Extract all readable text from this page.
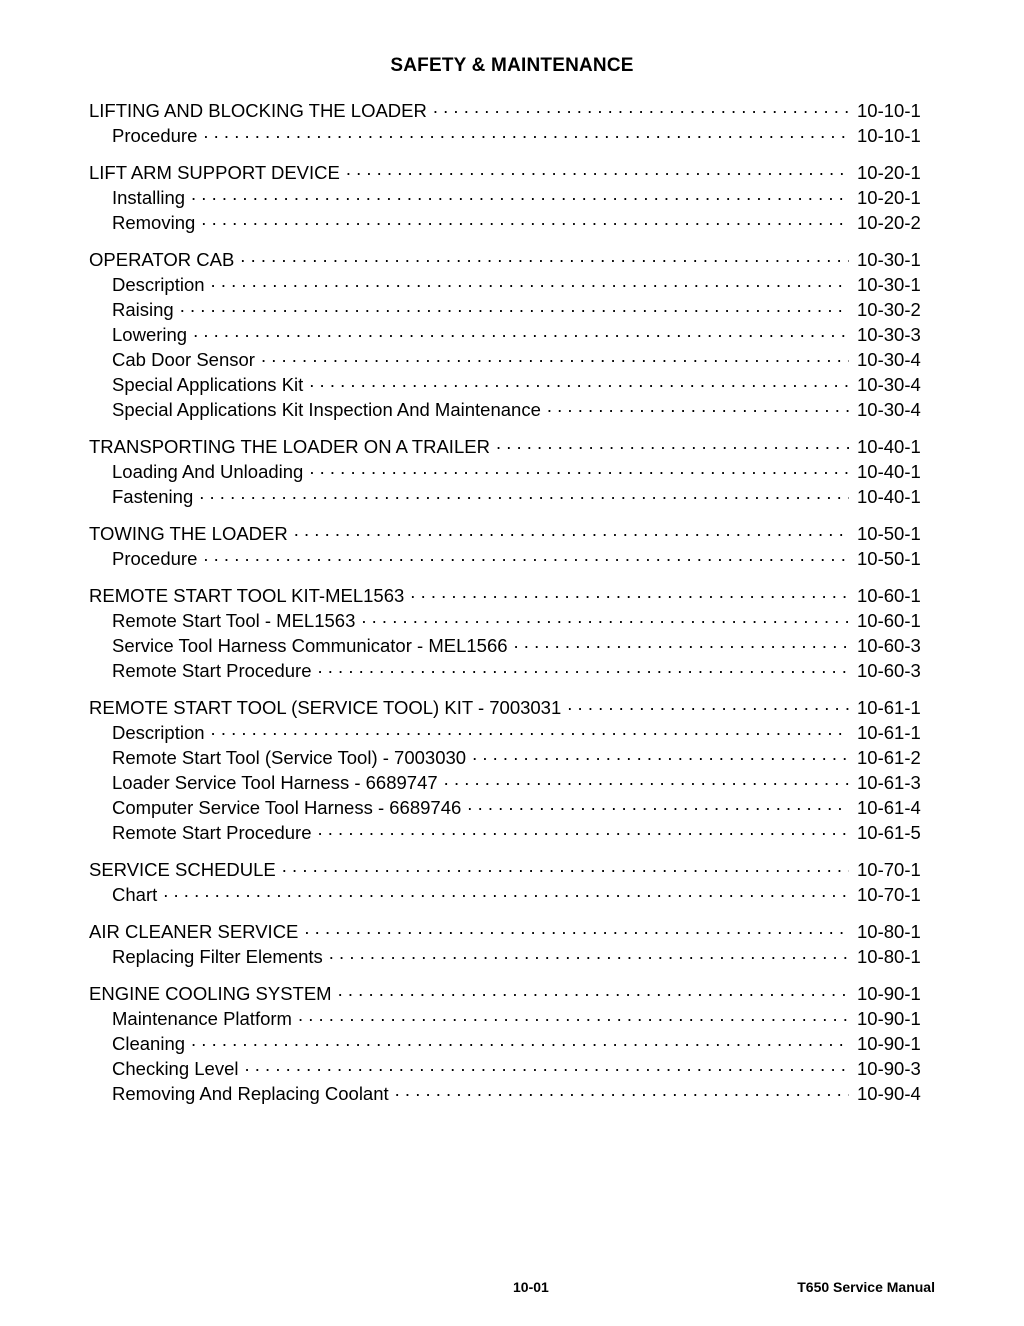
SAFETY & MAINTENANCE
LIFTING AND BLOCKING THE LOADER . . .	10-10-1
Procedure . . .	10-10-1
LIFT ARM SUPPORT DEVICE . . .	10-20-1
Installing . . .	10-20-1
Removing . . .	10-20-2
OPERATOR CAB . . .	10-30-1
Description . . .	10-30-1
Raising . . .	10-30-2
Lowering . . .	10-30-3
Cab Door Sensor . . .	10-30-4
Special Applications Kit . . .	10-30-4
Special Applications Kit Inspection And Maintenance . . .	10-30-4
TRANSPORTING THE LOADER ON A TRAILER . . .	10-40-1
Loading And Unloading . . .	10-40-1
Fastening . . .	10-40-1
TOWING THE LOADER . . .	10-50-1
Procedure . . .	10-50-1
REMOTE START TOOL KIT-MEL1563 . . .	10-60-1
Remote Start Tool - MEL1563 . . .	10-60-1
Service Tool Harness Communicator - MEL1566 . . .	10-60-3
Remote Start Procedure . . .	10-60-3
REMOTE START TOOL (SERVICE TOOL) KIT - 7003031 . . .	10-61-1
Description . . .	10-61-1
Remote Start Tool (Service Tool) - 7003030 . . .	10-61-2
Loader Service Tool Harness - 6689747 . . .	10-61-3
Computer Service Tool Harness - 6689746 . . .	10-61-4
Remote Start Procedure . . .	10-61-5
SERVICE SCHEDULE . . .	10-70-1
Chart . . .	10-70-1
AIR CLEANER SERVICE . . .	10-80-1
Replacing Filter Elements . . .	10-80-1
ENGINE COOLING SYSTEM . . .	10-90-1
Maintenance Platform . . .	10-90-1
Cleaning . . .	10-90-1
Checking Level . . .	10-90-3
Removing And Replacing Coolant . . .	10-90-4
10-01	T650 Service Manual
